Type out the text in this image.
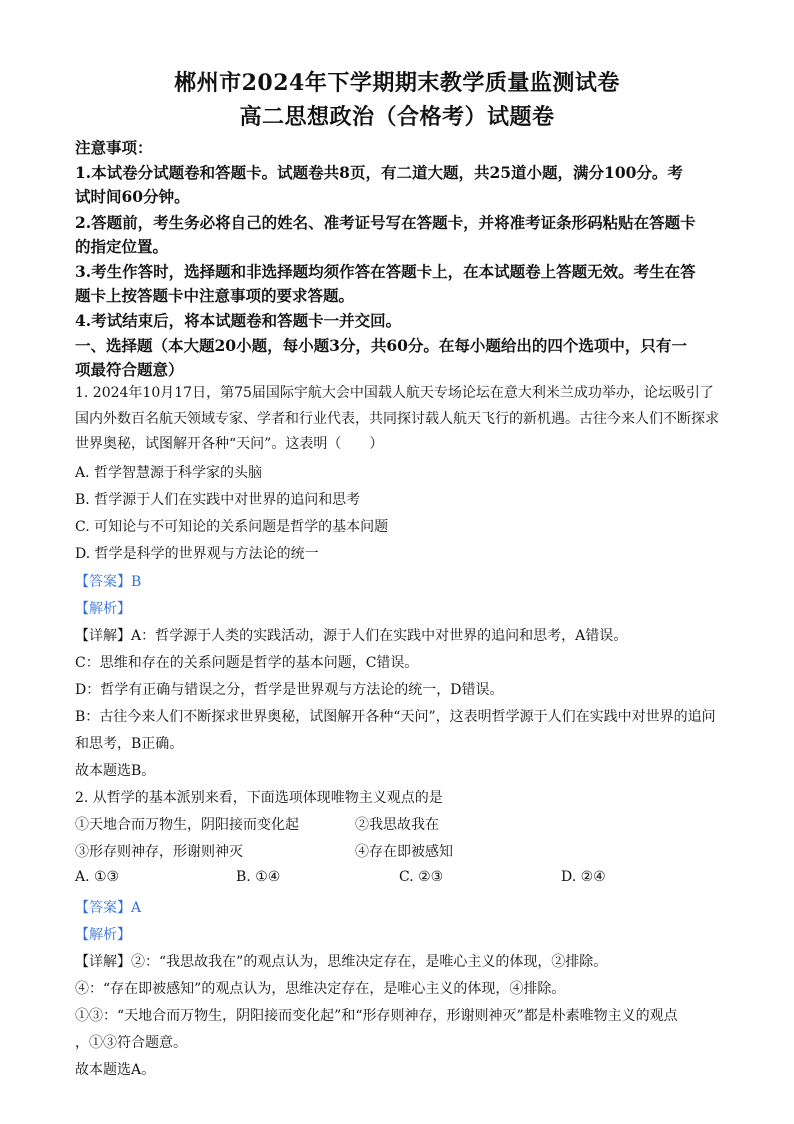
郴州市2024年下学期期末教学质量监测试卷
高二思想政治（合格考）试题卷
注意事项：
1.本试卷分试题卷和答题卡。试题卷共8页，有二道大题，共25道小题，满分100分。考
试时间60分钟。
2.答题前，考生务必将自己的姓名、准考证号写在答题卡，并将准考证条形码粘贴在答题卡
的指定位置。
3.考生作答时，选择题和非选择题均须作答在答题卡上，在本试题卷上答题无效。考生在答
题卡上按答题卡中注意事项的要求答题。
4.考试结束后，将本试题卷和答题卡一并交回。
一、选择题（本大题20小题，每小题3分，共60分。在每小题给出的四个选项中，只有一
项最符合题意）
1. 2024年10月17日，第75届国际宇航大会中国载人航天专场论坛在意大利米兰成功举办，论坛吸引了
国内外数百名航天领域专家、学者和行业代表，共同探讨载人航天飞行的新机遇。古往今来人们不断探求
世界奥秘，试图解开各种“天问”。这表明（　　）
A. 哲学智慧源于科学家的头脑
B. 哲学源于人们在实践中对世界的追问和思考
C. 可知论与不可知论的关系问题是哲学的基本问题
D. 哲学是科学的世界观与方法论的统一
【答案】B
【解析】
【详解】A：哲学源于人类的实践活动，源于人们在实践中对世界的追问和思考，A错误。
C：思维和存在的关系问题是哲学的基本问题，C错误。
D：哲学有正确与错误之分，哲学是世界观与方法论的统一，D错误。
B：古往今来人们不断探求世界奥秘，试图解开各种“天问”，这表明哲学源于人们在实践中对世界的追问
和思考，B正确。
故本题选B。
2. 从哲学的基本派别来看，下面选项体现唯物主义观点的是
①天地合而万物生，阴阳接而变化起	②我思故我在
③形存则神存，形谢则神灭	④存在即被感知
A. ①③	B. ①④	C. ②③	D. ②④
【答案】A
【解析】
【详解】②：“我思故我在”的观点认为，思维决定存在，是唯心主义的体现，②排除。
④：“存在即被感知”的观点认为，思维决定存在，是唯心主义的体现，④排除。
①③：“天地合而万物生，阴阳接而变化起”和“形存则神存，形谢则神灭”都是朴素唯物主义的观点
，①③符合题意。
故本题选A。
